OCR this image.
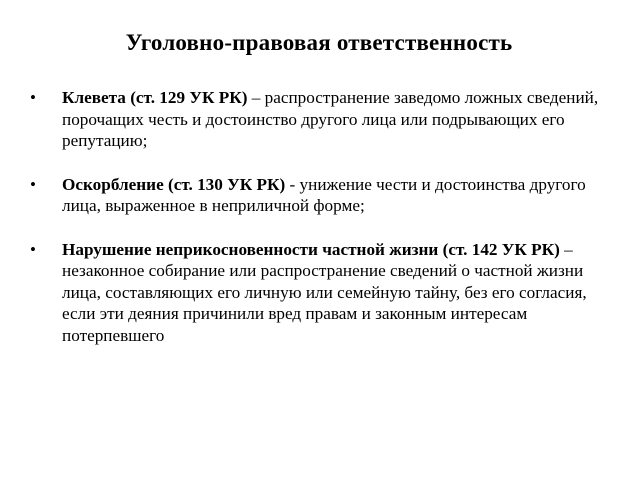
Уголовно-правовая ответственность
•	Клевета (ст. 129 УК РК) – распространение заведомо ложных сведений, порочащих честь и достоинство другого лица или подрывающих его репутацию;
•	Оскорбление (ст. 130 УК РК) - унижение чести и достоинства другого лица, выраженное в неприличной форме;
•	Нарушение неприкосновенности частной жизни (ст. 142 УК РК) – незаконное собирание или распространение сведений о частной жизни лица, составляющих его личную или семейную тайну, без его согласия, если эти деяния причинили вред правам и законным интересам потерпевшего
